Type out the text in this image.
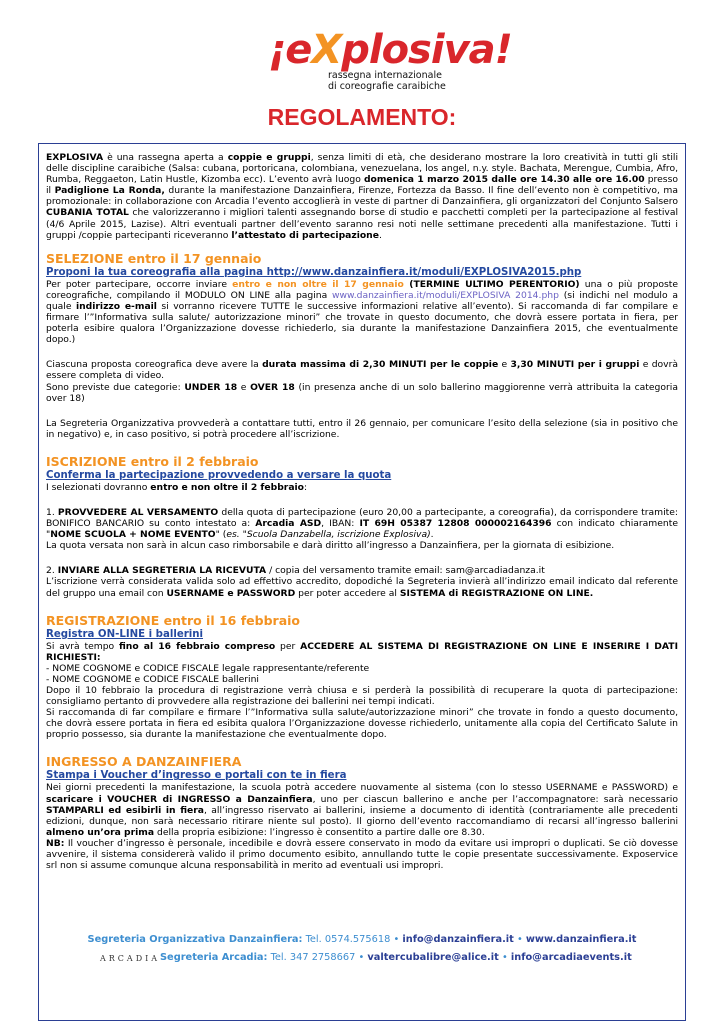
¡eXplosiva!
rassegna internazionale
di coreografie caraibiche
REGOLAMENTO:

EXPLOSIVA è una rassegna aperta a coppie e gruppi, senza limiti di età, che desiderano mostrare la loro creatività in tutti gli stili delle discipline caraibiche (Salsa: cubana, portoricana, colombiana, venezuelana, los angel, n.y. style. Bachata, Merengue, Cumbia, Afro, Rumba, Reggaeton, Latin Hustle, Kizomba ecc). L’evento avrà luogo domenica 1 marzo 2015 dalle ore 14.30 alle ore 16.00 presso il Padiglione La Ronda, durante la manifestazione Danzainfiera, Firenze, Fortezza da Basso. Il fine dell’evento non è competitivo, ma promozionale: in collaborazione con Arcadia l’evento accoglierà in veste di partner di Danzainfiera, gli organizzatori del Conjunto Salsero CUBANIA TOTAL che valorizzeranno i migliori talenti assegnando borse di studio e pacchetti completi per la partecipazione al festival (4/6 Aprile 2015, Lazise). Altri eventuali partner dell’evento saranno resi noti nelle settimane precedenti alla manifestazione. Tutti i gruppi /coppie partecipanti riceveranno l’attestato di partecipazione.

SELEZIONE entro il 17 gennaio

Proponi la tua coreografia alla pagina http://www.danzainfiera.it/moduli/EXPLOSIVA2015.php

Per poter partecipare, occorre inviare entro e non oltre il 17 gennaio (TERMINE ULTIMO PERENTORIO) una o più proposte coreografiche, compilando il MODULO ON LINE alla pagina www.danzainfiera.it/moduli/EXPLOSIVA 2014.php (si indichi nel modulo a quale indirizzo e-mail si vorranno ricevere TUTTE le successive informazioni relative all’evento). Si raccomanda di far compilare e firmare l’”Informativa sulla salute/ autorizzazione minori” che trovate in questo documento, che dovrà essere portata in fiera, per poterla esibire qualora l’Organizzazione dovesse richiederlo, sia durante la manifestazione Danzainfiera 2015, che eventualmente dopo.)

Ciascuna proposta coreografica deve avere la durata massima di 2,30 MINUTI per le coppie e 3,30 MINUTI per i gruppi e dovrà essere completa di video.

Sono previste due categorie: UNDER 18 e OVER 18 (in presenza anche di un solo ballerino maggiorenne verrà attribuita la categoria over 18)

La Segreteria Organizzativa provvederà a contattare tutti, entro il 26 gennaio, per comunicare l’esito della selezione (sia in positivo che in negativo) e, in caso positivo, si potrà procedere all’iscrizione.

ISCRIZIONE entro il 2 febbraio

Conferma la partecipazione provvedendo a versare la quota

I selezionati dovranno entro e non oltre il 2 febbraio:

1. PROVVEDERE AL VERSAMENTO della quota di partecipazione (euro 20,00 a partecipante, a coreografia), da corrispondere tramite: BONIFICO BANCARIO su conto intestato a: Arcadia ASD, IBAN: IT 69H 05387 12808 000002164396 con indicato chiaramente "NOME SCUOLA + NOME EVENTO" (es. "Scuola Danzabella, iscrizione Explosiva).

La quota versata non sarà in alcun caso rimborsabile e darà diritto all’ingresso a Danzainfiera, per la giornata di esibizione.

2. INVIARE ALLA SEGRETERIA LA RICEVUTA / copia del versamento tramite email: sam@arcadiadanza.it

L’iscrizione verrà considerata valida solo ad effettivo accredito, dopodiché la Segreteria invierà all’indirizzo email indicato dal referente del gruppo una email con USERNAME e PASSWORD per poter accedere al SISTEMA di REGISTRAZIONE ON LINE.

REGISTRAZIONE entro il 16 febbraio

Registra ON-LINE i ballerini

Si avrà tempo fino al 16 febbraio compreso per ACCEDERE AL SISTEMA DI REGISTRAZIONE ON LINE E INSERIRE I DATI RICHIESTI:

- NOME COGNOME e CODICE FISCALE legale rappresentante/referente

- NOME COGNOME e CODICE FISCALE ballerini

Dopo il 10 febbraio la procedura di registrazione verrà chiusa e si perderà la possibilità di recuperare la quota di partecipazione: consigliamo pertanto di provvedere alla registrazione dei ballerini nei tempi indicati.

Si raccomanda di far compilare e firmare l’”Informativa sulla salute/autorizzazione minori” che trovate in fondo a questo documento, che dovrà essere portata in fiera ed esibita qualora l’Organizzazione dovesse richiederlo, unitamente alla copia del Certificato Salute in proprio possesso, sia durante la manifestazione che eventualmente dopo.

INGRESSO A DANZAINFIERA

Stampa i Voucher d’ingresso e portali con te in fiera

Nei giorni precedenti la manifestazione, la scuola potrà accedere nuovamente al sistema (con lo stesso USERNAME e PASSWORD) e scaricare i VOUCHER di INGRESSO a Danzainfiera, uno per ciascun ballerino e anche per l’accompagnatore: sarà necessario STAMPARLI ed esibirli in fiera, all’ingresso riservato ai ballerini, insieme a documento di identità (contrariamente alle precedenti edizioni, dunque, non sarà necessario ritirare niente sul posto). Il giorno dell’evento raccomandiamo di recarsi all’ingresso ballerini almeno un’ora prima della propria esibizione: l’ingresso è consentito a partire dalle ore 8.30.

NB: Il voucher d’ingresso è personale, incedibile e dovrà essere conservato in modo da evitare usi impropri o duplicati. Se ciò dovesse avvenire, il sistema considererà valido il primo documento esibito, annullando tutte le copie presentate successivamente. Exposervice srl non si assume comunque alcuna responsabilità in merito ad eventuali usi impropri.

Segreteria Organizzativa Danzainfiera: Tel. 0574.575618 • info@danzainfiera.it • www.danzainfiera.it
ARCADIA Segreteria Arcadia: Tel. 347 2758667 • valtercubalibre@alice.it • info@arcadiaevents.it
